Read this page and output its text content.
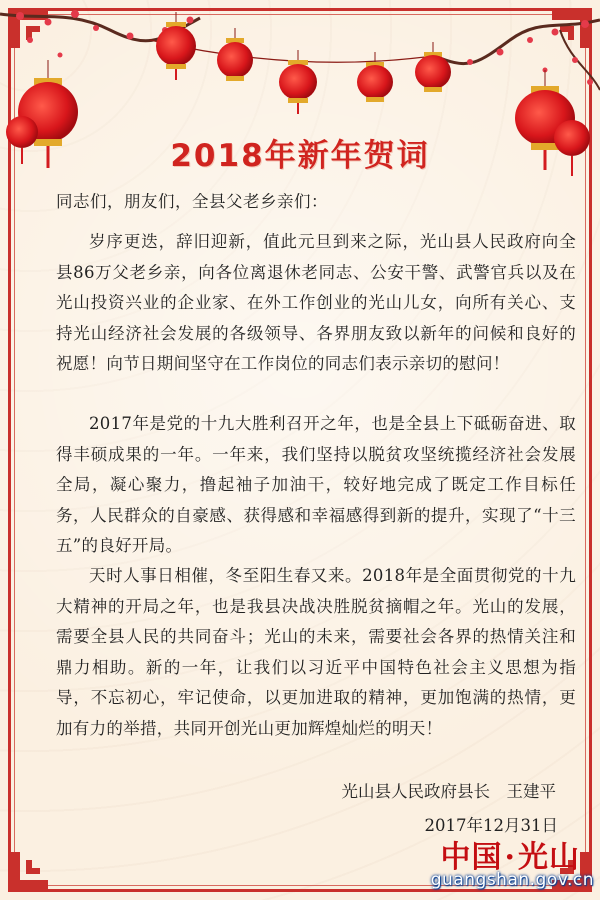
2018年新年贺词
同志们，朋友们，全县父老乡亲们：
岁序更迭，辞旧迎新，值此元旦到来之际，光山县人民政府向全县86万父老乡亲，向各位离退休老同志、公安干警、武警官兵以及在光山投资兴业的企业家、在外工作创业的光山儿女，向所有关心、支持光山经济社会发展的各级领导、各界朋友致以新年的问候和良好的祝愿！向节日期间坚守在工作岗位的同志们表示亲切的慰问！
2017年是党的十九大胜利召开之年，也是全县上下砥砺奋进、取得丰硕成果的一年。一年来，我们坚持以脱贫攻坚统揽经济社会发展全局，凝心聚力，撸起袖子加油干，较好地完成了既定工作目标任务，人民群众的自豪感、获得感和幸福感得到新的提升，实现了“十三五”的良好开局。
天时人事日相催，冬至阳生春又来。2018年是全面贯彻党的十九大精神的开局之年，也是我县决战决胜脱贫摘帽之年。光山的发展，需要全县人民的共同奋斗；光山的未来，需要社会各界的热情关注和鼎力相助。新的一年，让我们以习近平中国特色社会主义思想为指导，不忘初心，牢记使命，以更加进取的精神，更加饱满的热情，更加有力的举措，共同开创光山更加辉煌灿烂的明天！
光山县人民政府县长　王建平
2017年12月31日
中国·光山
guangshan.gov.cn
